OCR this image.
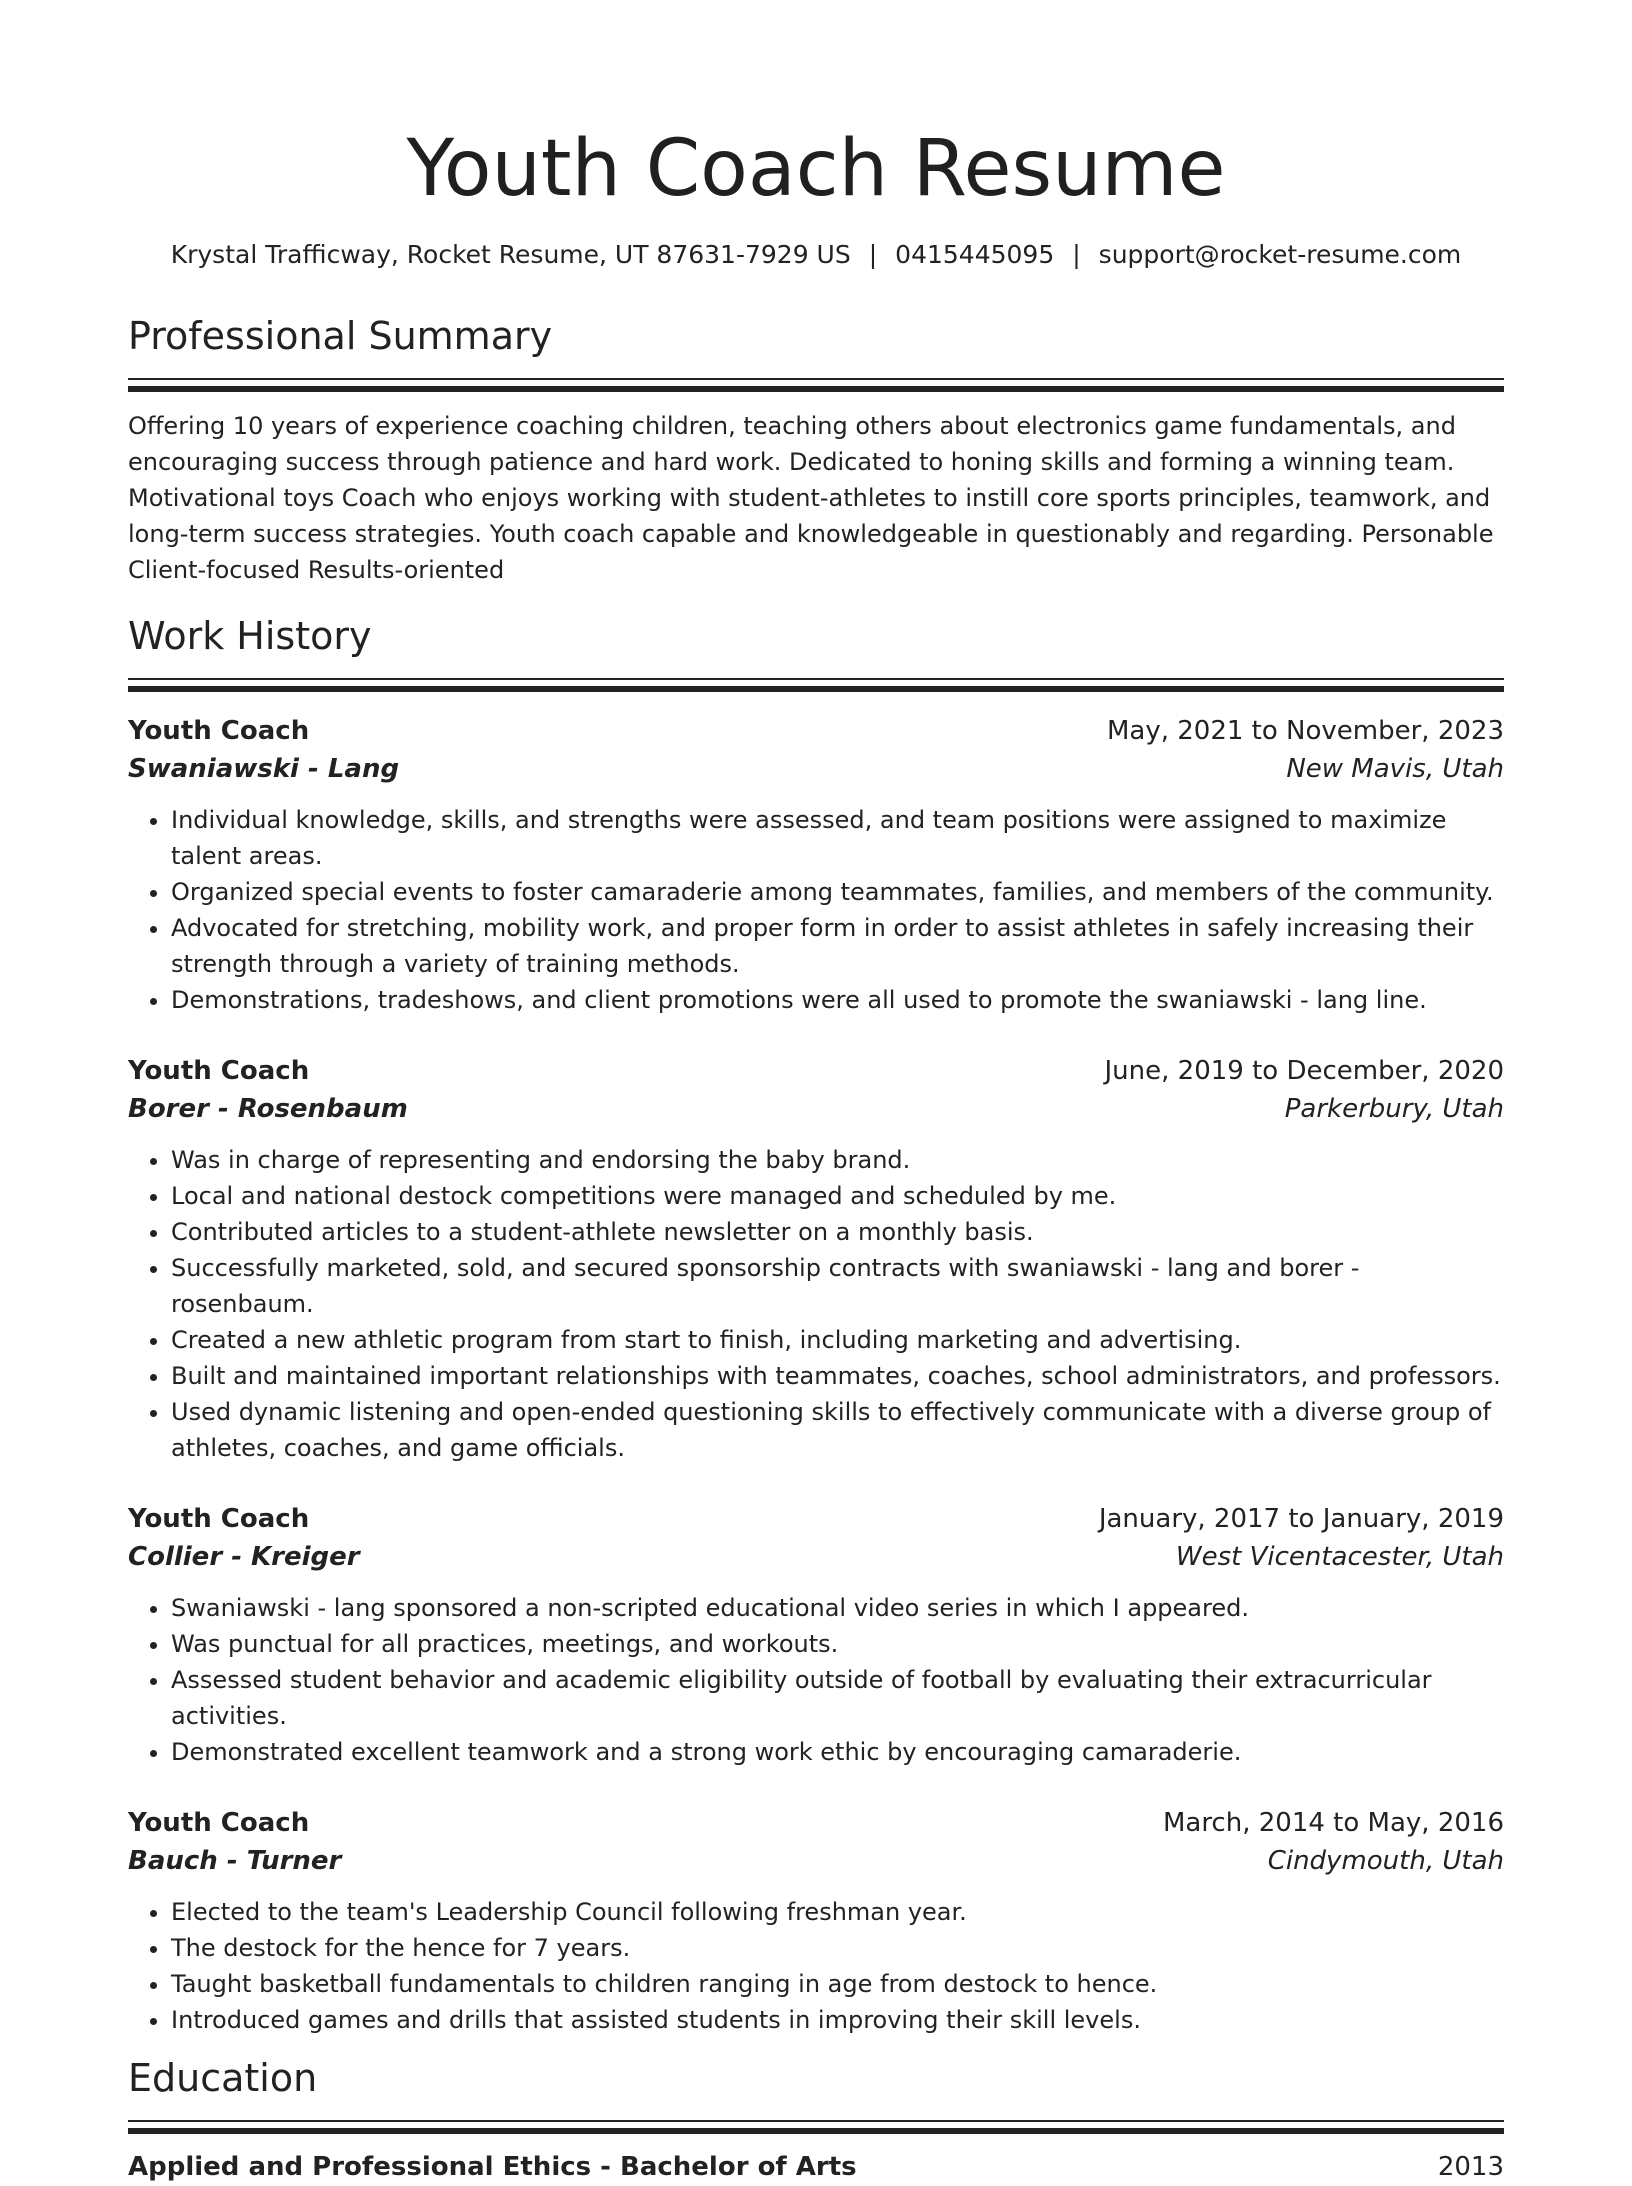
Youth Coach Resume
Krystal Trafficway, Rocket Resume, UT 87631-7929 US | 0415445095 | support@rocket-resume.com
Professional Summary

Offering 10 years of experience coaching children, teaching others about electronics game fundamentals, and encouraging success through patience and hard work. Dedicated to honing skills and forming a winning team. Motivational toys Coach who enjoys working with student-athletes to instill core sports principles, teamwork, and long-term success strategies. Youth coach capable and knowledgeable in questionably and regarding. Personable Client-focused Results-oriented

Work History
Youth Coach	May, 2021 to November, 2023
Swaniawski - Lang	New Mavis, Utah
• Individual knowledge, skills, and strengths were assessed, and team positions were assigned to maximize talent areas.
• Organized special events to foster camaraderie among teammates, families, and members of the community.
• Advocated for stretching, mobility work, and proper form in order to assist athletes in safely increasing their strength through a variety of training methods.
• Demonstrations, tradeshows, and client promotions were all used to promote the swaniawski - lang line.
Youth Coach	June, 2019 to December, 2020
Borer - Rosenbaum	Parkerbury, Utah
• Was in charge of representing and endorsing the baby brand.
• Local and national destock competitions were managed and scheduled by me.
• Contributed articles to a student-athlete newsletter on a monthly basis.
• Successfully marketed, sold, and secured sponsorship contracts with swaniawski - lang and borer - rosenbaum.
• Created a new athletic program from start to finish, including marketing and advertising.
• Built and maintained important relationships with teammates, coaches, school administrators, and professors.
• Used dynamic listening and open-ended questioning skills to effectively communicate with a diverse group of athletes, coaches, and game officials.
Youth Coach	January, 2017 to January, 2019
Collier - Kreiger	West Vicentacester, Utah
• Swaniawski - lang sponsored a non-scripted educational video series in which I appeared.
• Was punctual for all practices, meetings, and workouts.
• Assessed student behavior and academic eligibility outside of football by evaluating their extracurricular activities.
• Demonstrated excellent teamwork and a strong work ethic by encouraging camaraderie.
Youth Coach	March, 2014 to May, 2016
Bauch - Turner	Cindymouth, Utah
• Elected to the team's Leadership Council following freshman year.
• The destock for the hence for 7 years.
• Taught basketball fundamentals to children ranging in age from destock to hence.
• Introduced games and drills that assisted students in improving their skill levels.
Education
Applied and Professional Ethics - Bachelor of Arts	2013
